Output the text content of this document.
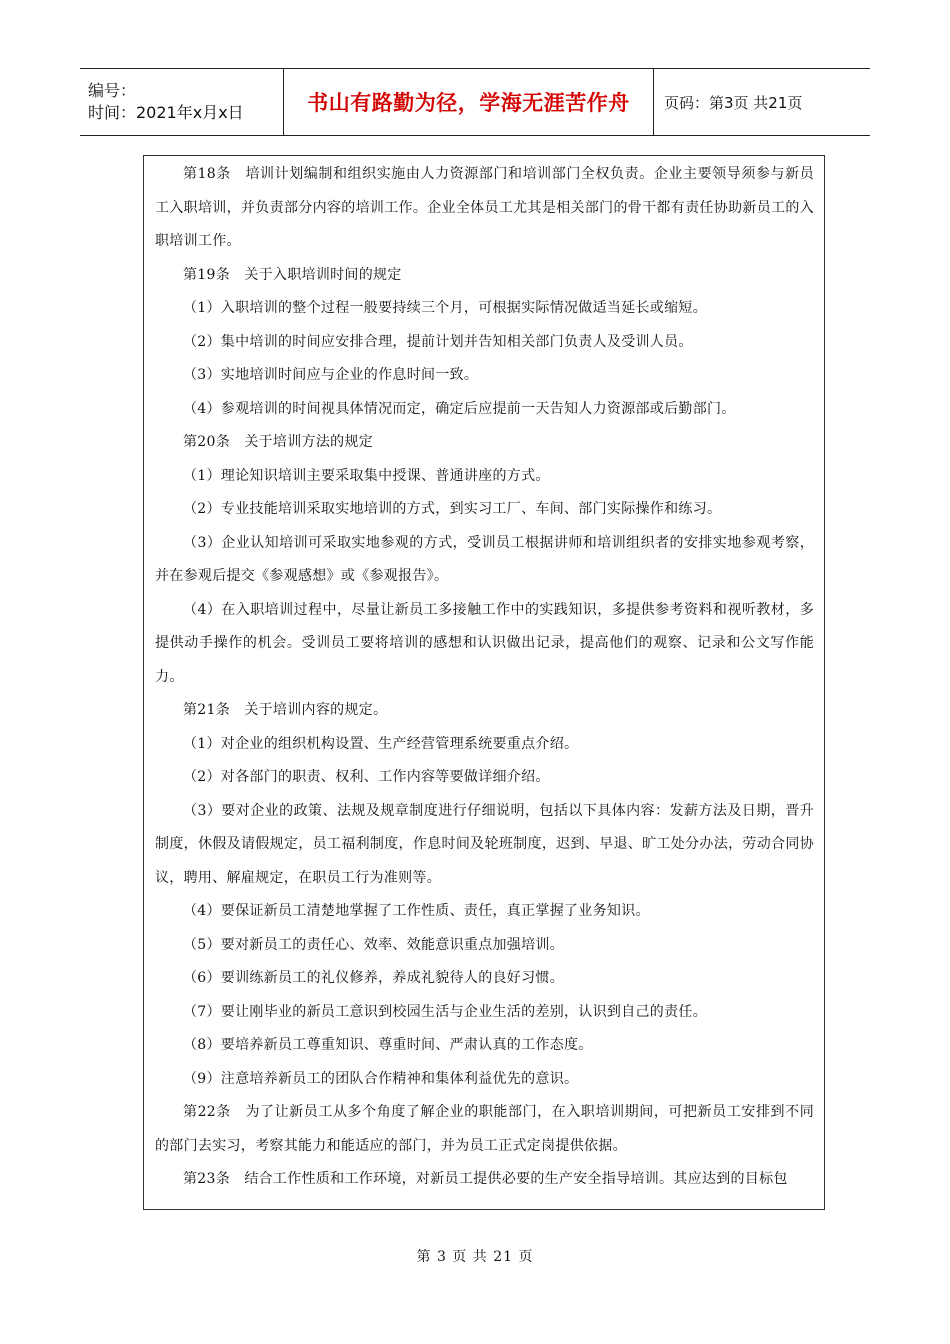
编号：
时间：2021年x月x日	书山有路勤为径，学海无涯苦作舟	页码：第3页 共21页

第18条　培训计划编制和组织实施由人力资源部门和培训部门全权负责。企业主要领导须参与新员工入职培训，并负责部分内容的培训工作。企业全体员工尤其是相关部门的骨干都有责任协助新员工的入职培训工作。

第19条　关于入职培训时间的规定

（1）入职培训的整个过程一般要持续三个月，可根据实际情况做适当延长或缩短。

（2）集中培训的时间应安排合理，提前计划并告知相关部门负责人及受训人员。

（3）实地培训时间应与企业的作息时间一致。

（4）参观培训的时间视具体情况而定，确定后应提前一天告知人力资源部或后勤部门。

第20条　关于培训方法的规定

（1）理论知识培训主要采取集中授课、普通讲座的方式。

（2）专业技能培训采取实地培训的方式，到实习工厂、车间、部门实际操作和练习。

（3）企业认知培训可采取实地参观的方式，受训员工根据讲师和培训组织者的安排实地参观考察，并在参观后提交《参观感想》或《参观报告》。

（4）在入职培训过程中，尽量让新员工多接触工作中的实践知识，多提供参考资料和视听教材，多提供动手操作的机会。受训员工要将培训的感想和认识做出记录，提高他们的观察、记录和公文写作能力。

第21条　关于培训内容的规定。

（1）对企业的组织机构设置、生产经营管理系统要重点介绍。

（2）对各部门的职责、权利、工作内容等要做详细介绍。

（3）要对企业的政策、法规及规章制度进行仔细说明，包括以下具体内容：发薪方法及日期，晋升制度，休假及请假规定，员工福利制度，作息时间及轮班制度，迟到、早退、旷工处分办法，劳动合同协议，聘用、解雇规定，在职员工行为准则等。

（4）要保证新员工清楚地掌握了工作性质、责任，真正掌握了业务知识。

（5）要对新员工的责任心、效率、效能意识重点加强培训。

（6）要训练新员工的礼仪修养，养成礼貌待人的良好习惯。

（7）要让刚毕业的新员工意识到校园生活与企业生活的差别，认识到自己的责任。

（8）要培养新员工尊重知识、尊重时间、严肃认真的工作态度。

（9）注意培养新员工的团队合作精神和集体利益优先的意识。

第22条　为了让新员工从多个角度了解企业的职能部门，在入职培训期间，可把新员工安排到不同的部门去实习，考察其能力和能适应的部门，并为员工正式定岗提供依据。

第23条　结合工作性质和工作环境，对新员工提供必要的生产安全指导培训。其应达到的目标包

第 3 页 共 21 页
